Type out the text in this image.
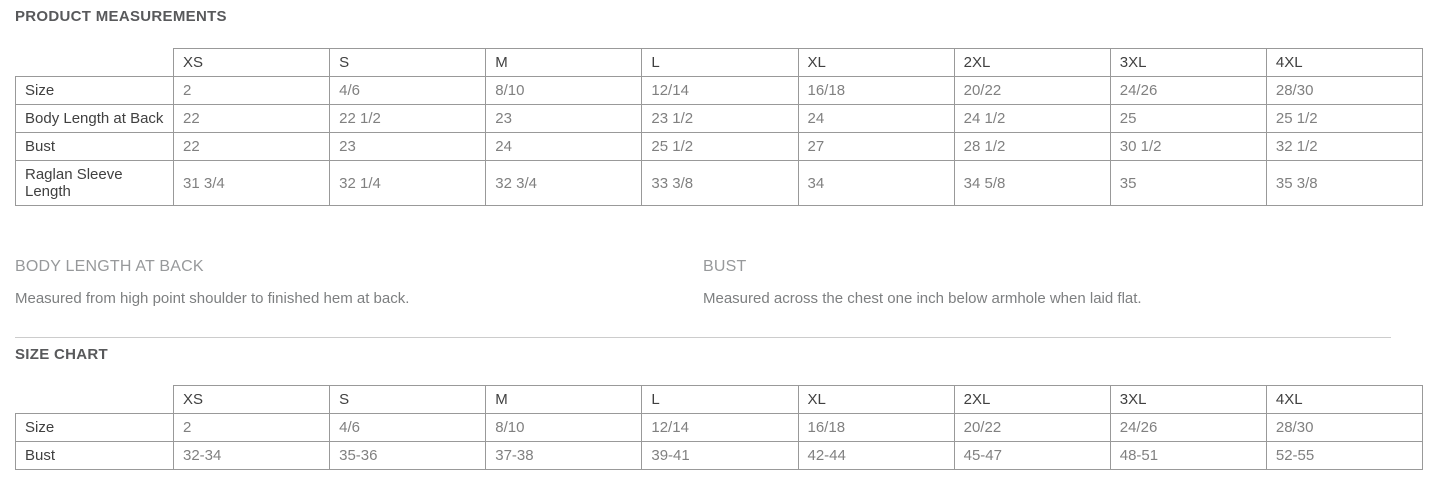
PRODUCT MEASUREMENTS
	XS	S	M	L	XL	2XL	3XL	4XL
Size	2	4/6	8/10	12/14	16/18	20/22	24/26	28/30
Body Length at Back	22	22 1/2	23	23 1/2	24	24 1/2	25	25 1/2
Bust	22	23	24	25 1/2	27	28 1/2	30 1/2	32 1/2
Raglan Sleeve Length	31 3/4	32 1/4	32 3/4	33 3/8	34	34 5/8	35	35 3/8
BODY LENGTH AT BACK
Measured from high point shoulder to finished hem at back.
BUST
Measured across the chest one inch below armhole when laid flat.
SIZE CHART
	XS	S	M	L	XL	2XL	3XL	4XL
Size	2	4/6	8/10	12/14	16/18	20/22	24/26	28/30
Bust	32-34	35-36	37-38	39-41	42-44	45-47	48-51	52-55
